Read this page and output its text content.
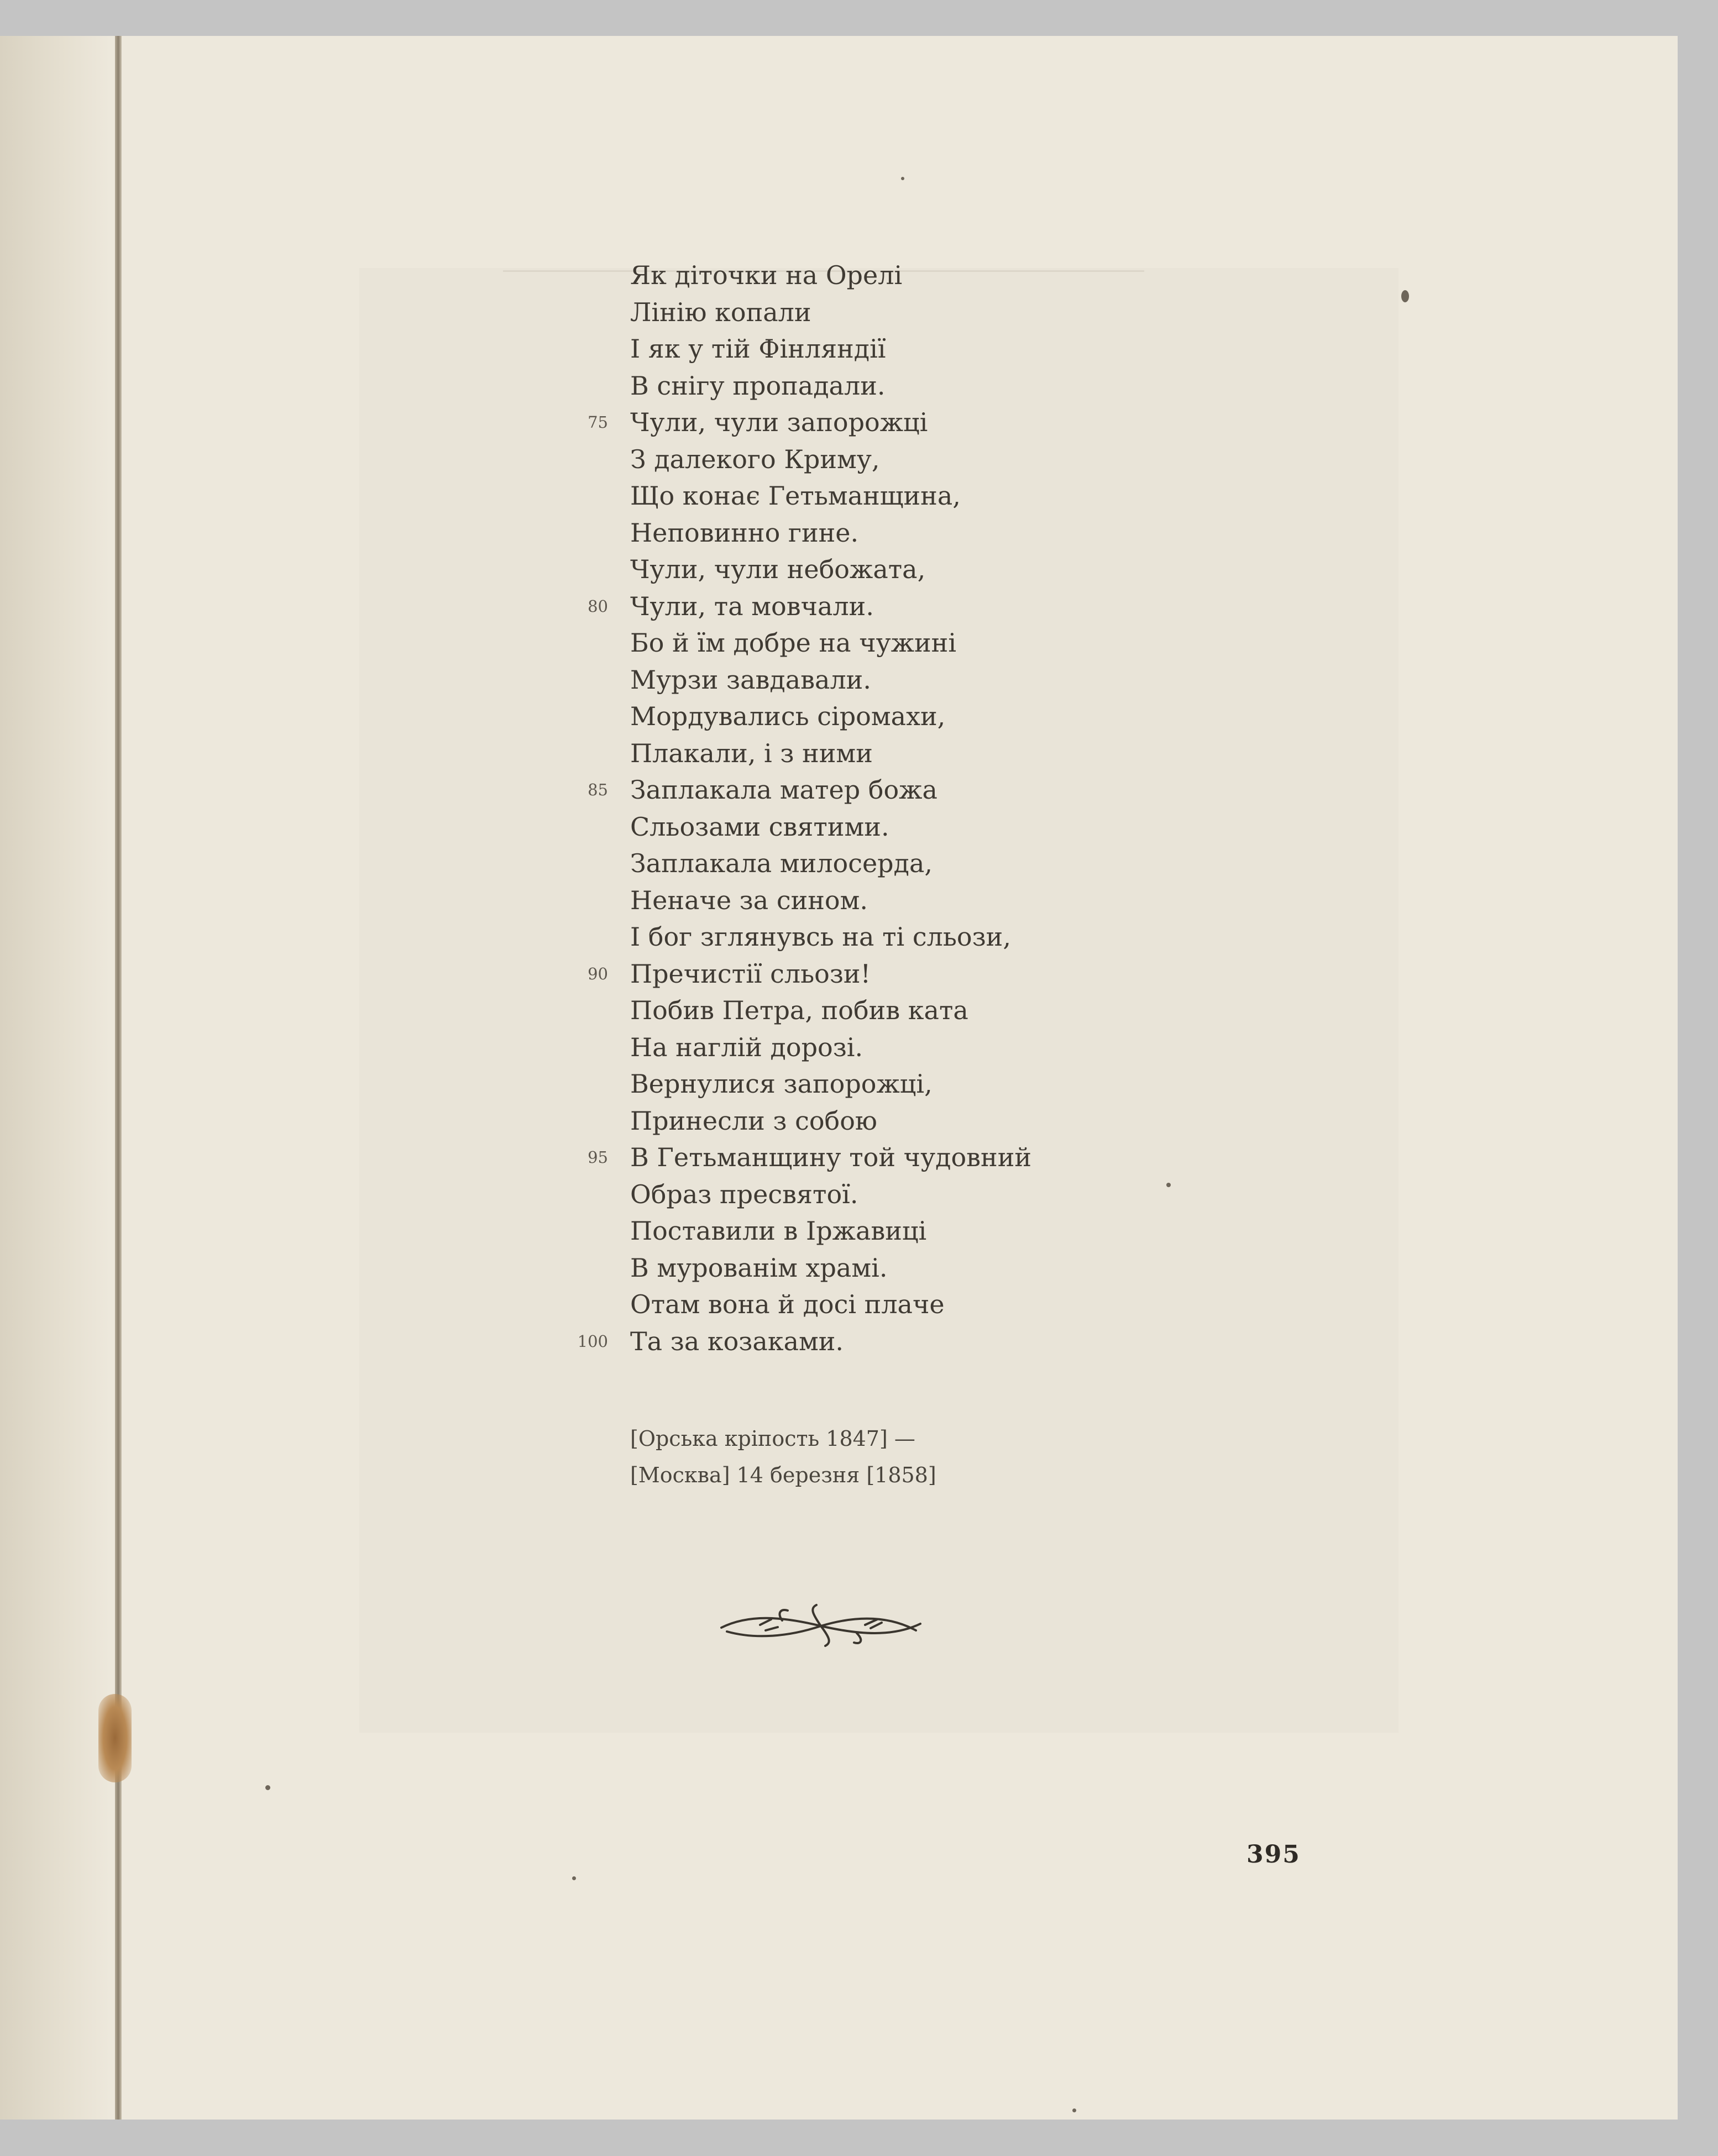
Як діточки на Орелі
Лінію копали
І як у тій Фінляндії
В снігу пропадали.
75 Чули, чули запорожці
З далекого Криму,
Що конає Гетьманщина,
Неповинно гине.
Чули, чули небожата,
80 Чули, та мовчали.
Бо й їм добре на чужині
Мурзи завдавали.
Мордувались сіромахи,
Плакали, і з ними
85 Заплакала матер божа
Сльозами святими.
Заплакала милосерда,
Неначе за сином.
І бог зглянувсь на ті сльози,
90 Пречистії сльози!
Побив Петра, побив ката
На наглій дорозі.
Вернулися запорожці,
Принесли з собою
95 В Гетьманщину той чудовний
Образ пресвятої.
Поставили в Іржавиці
В мурованім храмі.
Отам вона й досі плаче
100 Та за козаками.
[Орська кріпость 1847] —
[Москва] 14 березня [1858]
395
